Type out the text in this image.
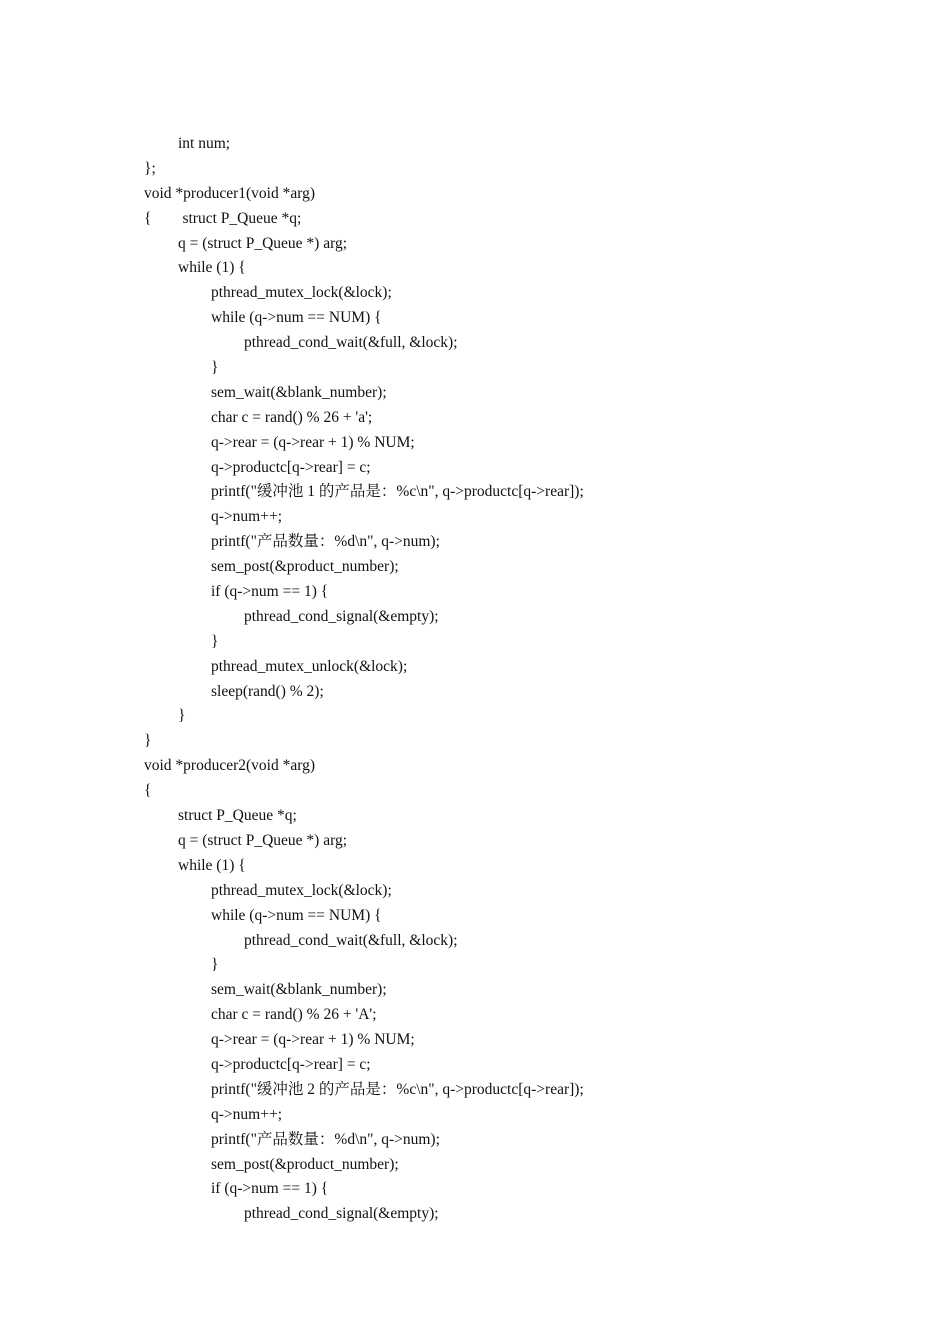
int num;
};
void *producer1(void *arg)
{        struct P_Queue *q;
q = (struct P_Queue *) arg;
while (1) {
pthread_mutex_lock(&lock);
while (q->num == NUM) {
pthread_cond_wait(&full, &lock);
}
sem_wait(&blank_number);
char c = rand() % 26 + 'a';
q->rear = (q->rear + 1) % NUM;
q->productc[q->rear] = c;
printf("缓冲池 1 的产品是：%c\n", q->productc[q->rear]);
q->num++;
printf("产品数量：%d\n", q->num);
sem_post(&product_number);
if (q->num == 1) {
pthread_cond_signal(&empty);
}
pthread_mutex_unlock(&lock);
sleep(rand() % 2);
}
}
void *producer2(void *arg)
{
struct P_Queue *q;
q = (struct P_Queue *) arg;
while (1) {
pthread_mutex_lock(&lock);
while (q->num == NUM) {
pthread_cond_wait(&full, &lock);
}
sem_wait(&blank_number);
char c = rand() % 26 + 'A';
q->rear = (q->rear + 1) % NUM;
q->productc[q->rear] = c;
printf("缓冲池 2 的产品是：%c\n", q->productc[q->rear]);
q->num++;
printf("产品数量：%d\n", q->num);
sem_post(&product_number);
if (q->num == 1) {
pthread_cond_signal(&empty);
